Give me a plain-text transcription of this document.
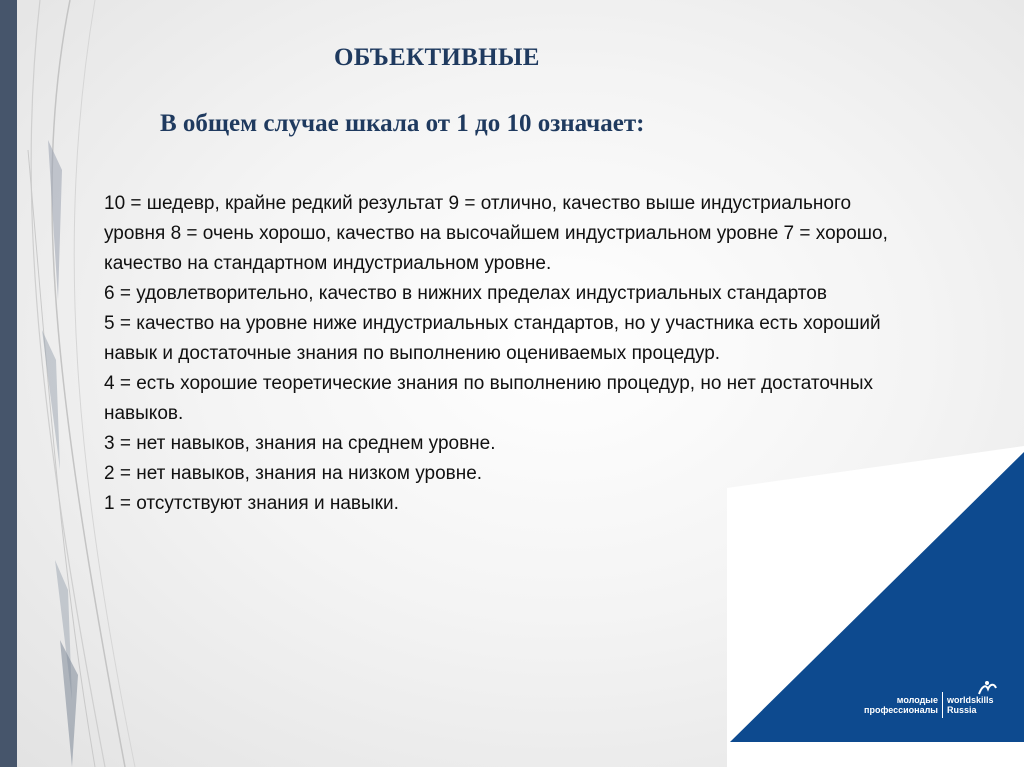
ОБЪЕКТИВНЫЕ
В общем случае шкала от 1 до 10 означает:

10 = шедевр, крайне редкий результат 9 = отлично, качество выше индустриального уровня 8 = очень хорошо, качество на высочайшем индустриальном уровне 7 = хорошо, качество на стандартном индустриальном уровне.

6 = удовлетворительно, качество в нижних пределах индустриальных стандартов

5 = качество на уровне ниже индустриальных стандартов, но у участника есть хороший навык и достаточные знания по выполнению оцениваемых процедур.

4 = есть хорошие теоретические знания по выполнению процедур, но нет достаточных навыков.

3 = нет навыков, знания на среднем уровне.

2 = нет навыков, знания на низком уровне.

1 = отсутствуют знания и навыки.

молодые
профессионалы
worldskills
Russia
